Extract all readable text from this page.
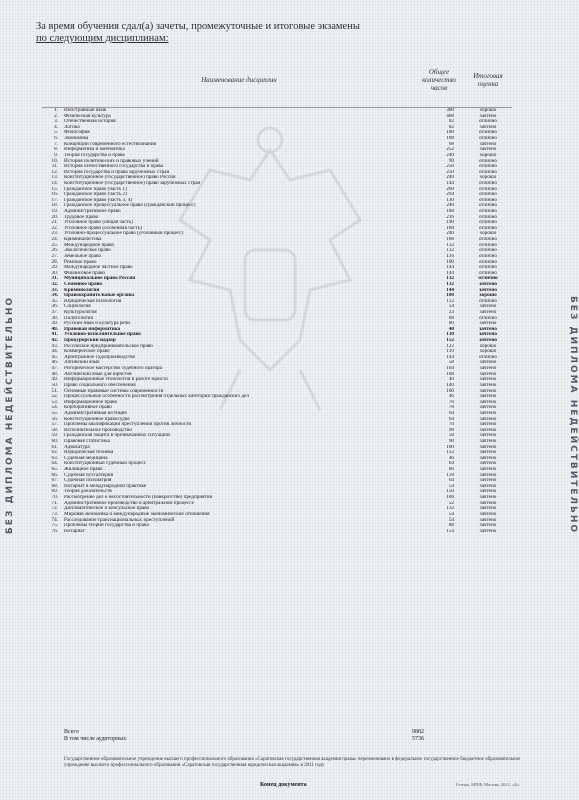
БЕЗ ДИПЛОМА НЕДЕЙСТВИТЕЛЬНО	БЕЗ ДИПЛОМА НЕДЕЙСТВИТЕЛЬНО
За время обучения сдал(а) зачеты, промежуточные и итоговые экзамены
по следующим дисциплинам:
	Наименование дисциплин	Общее количество часов	Итоговая оценка
1.	Иностранный язык	380	хорошо
2.	Физическая культура	408	зачтено
3.	Отечественная история	82	отлично
4.	Логика	82	зачтено
5.	Философия	180	отлично
6.	Экономика	188	отлично
7.	Концепции современного естествознания	68	зачтено
8.	Информатика и математика	252	зачтено
9.	Теория государства и права	240	хорошо
10.	История политических и правовых учений	90	отлично
11.	История отечественного государства и права	250	отлично
12.	История государства и права зарубежных стран	250	отлично
13.	Конституционное (государственное) право России	240	хорошо
14.	Конституционное (государственное) право зарубежных стран	144	отлично
15.	Гражданское право (часть 1)	260	отлично
16.	Гражданское право (часть 2)	294	отлично
17.	Гражданское право (часть 3, 4)	130	отлично
18.	Гражданское процессуальное право (гражданский процесс)	240	отлично
19.	Административное право	188	отлично
20.	Трудовое право	216	отлично
21.	Уголовное право (общая часть)	190	отлично
22.	Уголовное право (особенная часть)	188	отлично
23.	Уголовно-процессуальное право (уголовный процесс)	240	хорошо
24.	Криминалистика	188	отлично
25.	Международное право	132	отлично
26.	Экологическое право	132	отлично
27.	Земельное право	116	отлично
28.	Римское право	100	отлично
29.	Международное частное право	144	отлично
30.	Финансовое право	144	отлично
31.	Муниципальное право России	132	отлично
32.	Семейное право	132	зачтено
33.	Криминология	144	зачтено
34.	Правоохранительные органы	108	хорошо
35.	Юридическая психология	112	отлично
36.	Социология	54	зачтено
37.	Культурология	23	зачтено
38.	Политология	88	отлично
39.	Русский язык и культура речи	80	зачтено
40.	Правовая информатика	40	зачтено
41.	Уголовно-исполнительное право	130	зачтено
42.	Прокурорский надзор	152	зачтено
43.	Российское предпринимательское право	122	хорошо
44.	Коммерческое право	110	хорошо
45.	Арбитражное судопроизводство	144	отлично
46.	Латинский язык	58	зачтено
47.	Риторическое мастерство судебного оратора	104	зачтено
48.	Английский язык для юристов	108	зачтено
49.	Информационные технологии в работе юриста	40	зачтено
50.	Право социального обеспечения	140	зачтено
51.	Основные правовые системы современности	100	зачтено
52.	Процессуальные особенности рассмотрения отдельных категорий гражданских дел	46	зачтено
53.	Информационное право	76	зачтено
54.	Корпоративное право	78	зачтено
55.	Административная юстиция	64	зачтено
56.	Конституционное правосудие	64	зачтено
57.	Проблемы квалификации преступлений против личности	70	зачтено
58.	Исполнительное производство	98	зачтено
59.	Гражданская защита в чрезвычайных ситуациях	58	зачтено
60.	Правовая статистика	90	зачтено
61.	Адвокатура	100	зачтено
62.	Юридическая техника	112	зачтено
63.	Судебная медицина	46	зачтено
64.	Конституционный судебный процесс	64	зачтено
65.	Жилищное право	86	зачтено
66.	Судебная бухгалтерия	118	зачтено
67.	Судебная психиатрия	64	зачтено
68.	Нотариат в международной практике	54	зачтено
69.	Теория доказательств	150	зачтено
70.	Рассмотрение дел о несостоятельности (банкротстве) предприятий	106	зачтено
71.	Административное производство в арбитражном процессе	52	зачтено
72.	Дипломатическое и консульское право	132	зачтено
73.	Мировая экономика и международные экономические отношения	54	зачтено
74.	Расследование транснациональных преступлений	54	зачтено
75.	Проблемы теории государства и права	88	зачтено
76.	Нотариат	154	зачтено
Всего	9882
В том числе аудиторных	5736
Государственное образовательное учреждение высшего профессионального образования «Саратовская государственная академия права» переименовано в федеральное государственное бюджетное образовательное учреждение высшего профессионального образования «Саратовская государственная юридическая академия» в 2011 году
Конец документа	Гознак, МПФ, Москва, 2012. «Б»
